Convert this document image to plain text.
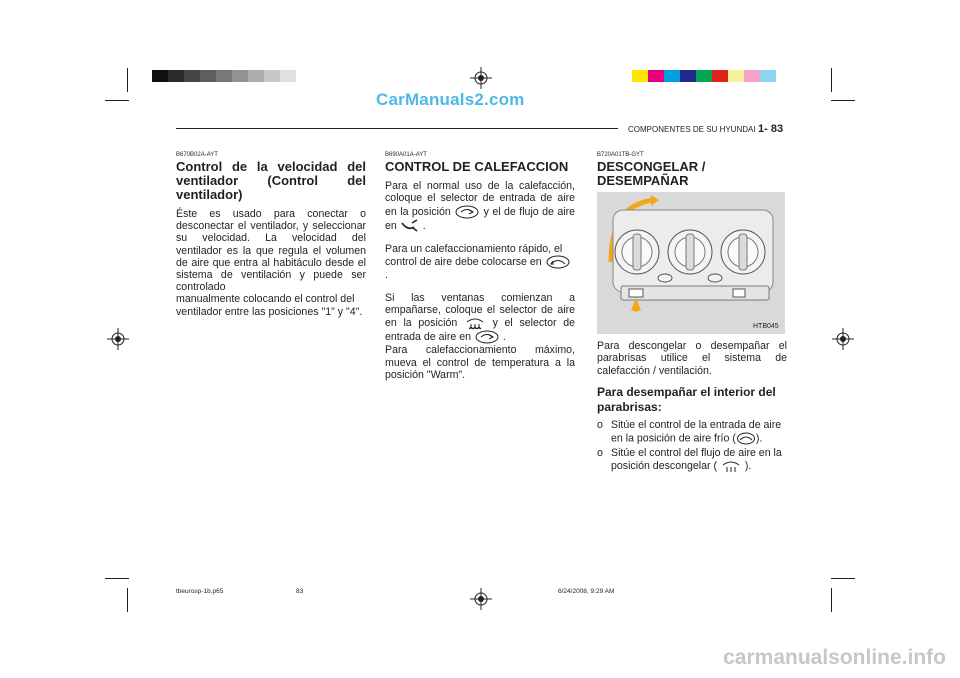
CarManuals2.com
COMPONENTES DE SU HYUNDAI 1- 83
B670B02A-AYT
Control de la velocidad del ventilador (Control del ventilador)
Éste es usado para conectar o desconectar el ventilador, y seleccionar su velocidad. La velocidad del ventilador es la que regula el volumen de aire que entra al habitáculo desde el sistema de ventilación y puede ser controlado
manualmente colocando el control del ventilador entre las posiciones "1" y "4".
B690A01A-AYT
CONTROL DE CALEFACCION
Para el normal uso de la calefacción, coloque el selector de entrada de aire en la posición	y el de flujo de aire en .
Para un calefaccionamiento rápido, el control de aire debe colocarse en  .
Si las ventanas comienzan a empañarse, coloque el selector de aire en la posición	y el selector de entrada de aire en	.
Para calefaccionamiento máximo, mueva el control de temperatura a la posición "Warm".
B720A01TB-GYT
DESCONGELAR / DESEMPAÑAR
HTB045
Para descongelar o desempañar el parabrisas utilice el sistema de calefacción / ventilación.
Para desempañar el interior del parabrisas:
o Sitúe el control de la entrada de aire en la posición de aire frío ( ).
o Sitúe el control del flujo de aire en la posición descongelar (	).
tbeurosp-1b.p65	83	6/24/2008, 9:29 AM
carmanualsonline.info
